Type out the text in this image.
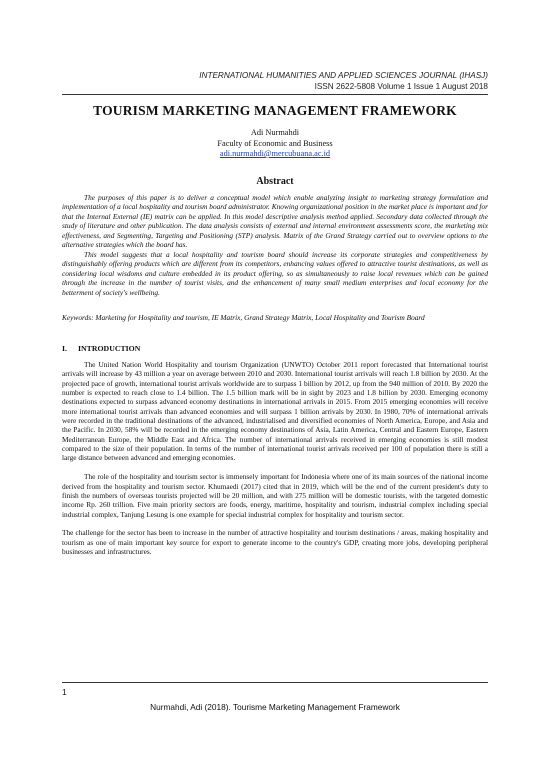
INTERNATIONAL HUMANITIES AND APPLIED SCIENCES JOURNAL (IHASJ)
ISSN 2622-5808 Volume 1 Issue 1 August 2018
TOURISM MARKETING MANAGEMENT FRAMEWORK
Adi Nurmahdi
Faculty of Economic and Business
adi.nurmahdi@mercubuana.ac.id
Abstract

The purposes of this paper is to deliver a conceptual model which enable analyzing insight to marketing strategy formulation and implementation of a local hospitality and tourism board administrator. Knowing organizational position in the market place is important and for that the Internal External (IE) matrix can be applied. In this model descriptive analysis method applied. Secondary data collected through the study of literature and other publication. The data analysis consists of external and internal environment assessments score, the marketing mix effectiveness, and Segmenting, Targeting and Positioning (STP) analysis. Matrix of the Grand Strategy carried out to overview options to the alternative strategies which the board has.

This model suggests that a local hospitality and tourism board should increase its corporate strategies and competitiveness by distinguishably offering products which are different from its competitors, enhancing values offered to attractive tourist destinations, as well as considering local wisdoms and culture embedded in its product offering, so as simultaneously to raise local revenues which can be gained through the increase in the number of tourist visits, and the enhancement of many small medium enterprises and local economy for the betterment of society's wellbeing.

Keywords: Marketing for Hospitality and tourism, IE Matrix, Grand Strategy Matrix, Local Hospitality and Tourism Board
I. INTRODUCTION

The United Nation World Hospitality and tourism Organization (UNWTO) October 2011 report forecasted that International tourist arrivals will increase by 43 million a year on average between 2010 and 2030. International tourist arrivals will reach 1.8 billion by 2030. At the projected pace of growth, international tourist arrivals worldwide are to surpass 1 billion by 2012, up from the 940 million of 2010. By 2020 the number is expected to reach close to 1.4 billion. The 1.5 billion mark will be in sight by 2023 and 1.8 billion by 2030. Emerging economy destinations expected to surpass advanced economy destinations in international arrivals in 2015. From 2015 emerging economies will receive more international tourist arrivals than advanced economies and will surpass 1 billion arrivals by 2030. In 1980, 70% of international arrivals were recorded in the traditional destinations of the advanced, industrialised and diversified economies of North America, Europe, and Asia and the Pacific. In 2030, 58% will be recorded in the emerging economy destinations of Asia, Latin America, Central and Eastern Europe, Eastern Mediterranean Europe, the Middle East and Africa. The number of international arrivals received in emerging economies is still modest compared to the size of their population. In terms of the number of international tourist arrivals received per 100 of population there is still a large distance between advanced and emerging economies.

The role of the hospitality and tourism sector is immensely important for Indonesia where one of its main sources of the national income derived from the hospitality and tourism sector. Khumaedi (2017) cited that in 2019, which will be the end of the current president's duty to finish the numbers of overseas tourists projected will be 20 million, and with 275 million will be domestic tourists, with the targeted domestic income Rp. 260 trillion. Five main priority sectors are foods, energy, maritime, hospitality and tourism, industrial complex including special industrial complex, Tanjung Lesung is one example for special industrial complex for hospitality and tourism sector.

The challenge for the sector has been to increase in the number of attractive hospitality and tourism destinations / areas, making hospitality and tourism as one of main important key source for export to generate income to the country's GDP, creating more jobs, developing peripheral businesses and infrastructures.

1
Nurmahdi, Adi (2018). Tourisme Marketing Management Framework
